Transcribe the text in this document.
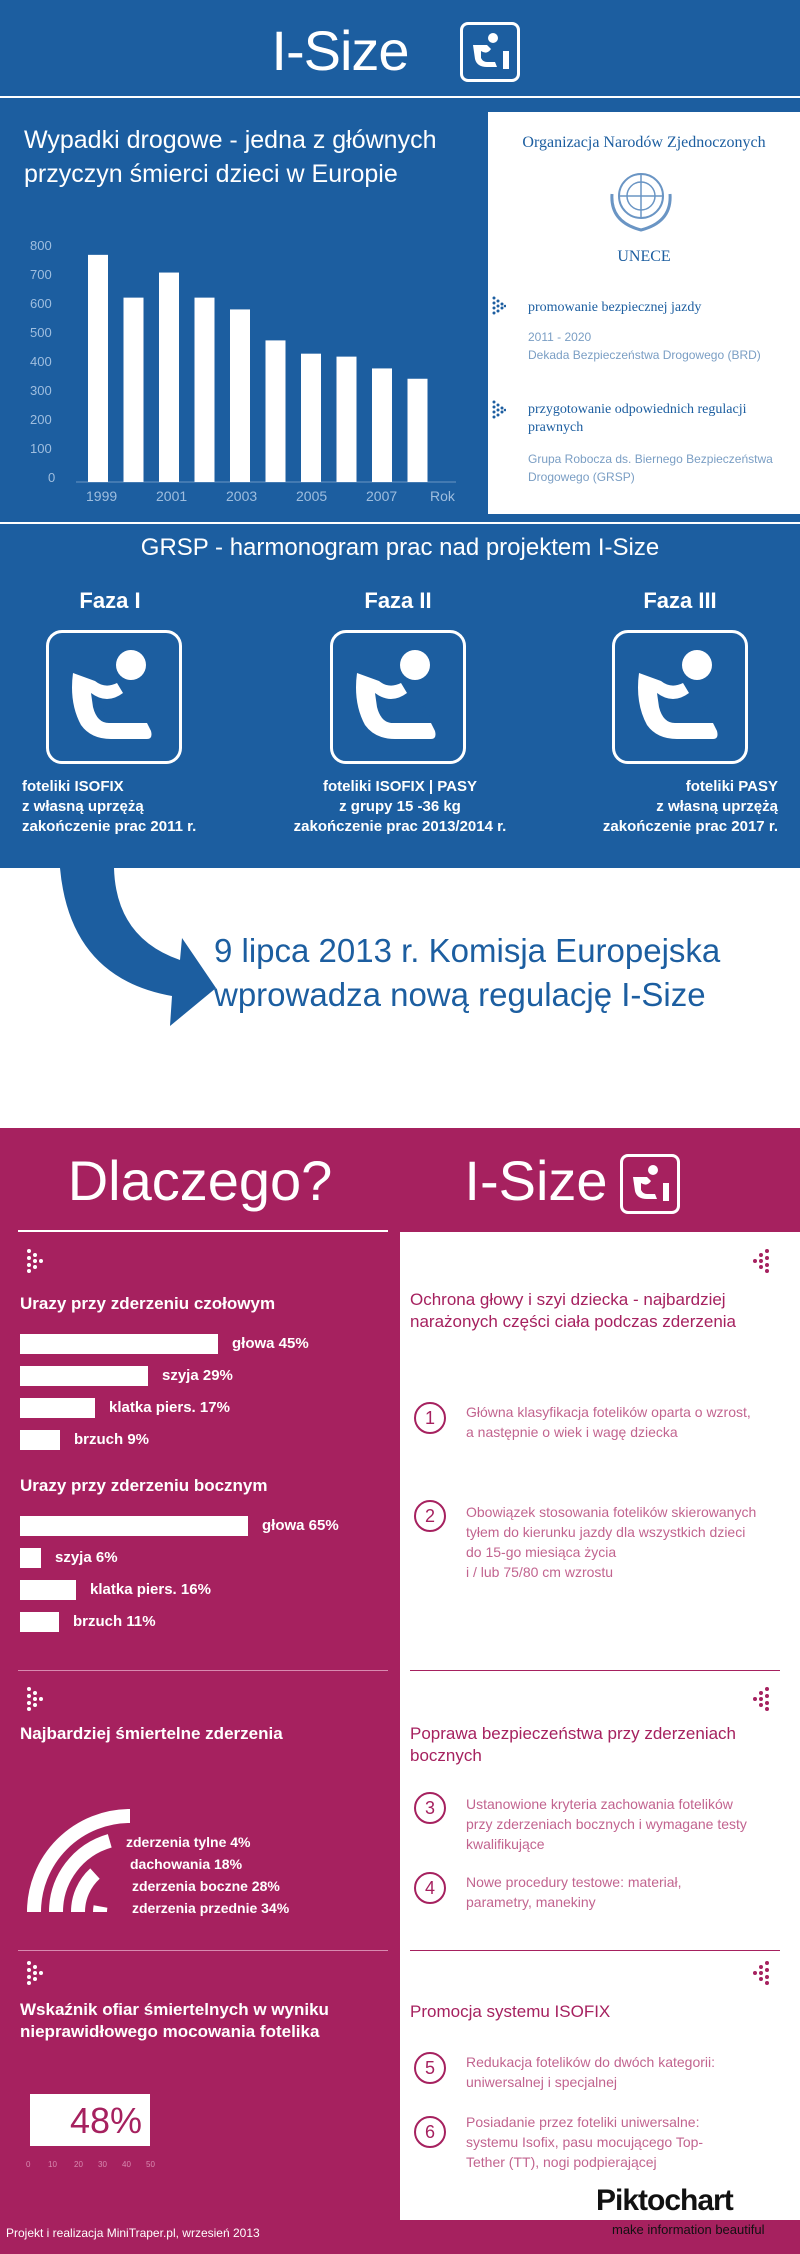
I-Size
Wypadki drogowe - jedna z głównych
przyczyn śmierci dzieci w Europie
800
700
600
500
400
300
200
100
0
1999	2001	2003	2005	2007 Rok
Organizacja Narodów Zjednoczonych
UNECE
promowanie bezpiecznej jazdy
2011 - 2020
Dekada Bezpieczeństwa Drogowego (BRD)
przygotowanie odpowiednich regulacji
prawnych
Grupa Robocza ds. Biernego Bezpieczeństwa
Drogowego (GRSP)
GRSP - harmonogram prac nad projektem I-Size
Faza I	Faza II	Faza III
foteliki ISOFIX
z własną uprzężą
zakończenie prac 2011 r.
foteliki ISOFIX | PASY
z grupy 15 -36 kg
zakończenie prac 2013/2014 r.
foteliki PASY
z własną uprzężą
zakończenie prac 2017 r.
9 lipca 2013 r. Komisja Europejska
wprowadza nową regulację I-Size
Dlaczego?	I-Size
Urazy przy zderzeniu czołowym
głowa 45%
szyja 29%
klatka piers. 17%
brzuch 9%
Urazy przy zderzeniu bocznym
głowa 65%
szyja 6%
klatka piers. 16%
brzuch 11%
Najbardziej śmiertelne zderzenia
zderzenia tylne 4%
dachowania 18%
zderzenia boczne 28%
zderzenia przednie 34%
Wskaźnik ofiar śmiertelnych w wyniku
nieprawidłowego mocowania fotelika
48%
0 10 20 30 40 50
Ochrona głowy i szyi dziecka - najbardziej
narażonych części ciała podczas zderzenia
1	Główna klasyfikacja fotelików oparta o wzrost,
a następnie o wiek i wagę dziecka
2	Obowiązek stosowania fotelików skierowanych
tyłem do kierunku jazdy dla wszystkich dzieci
do 15-go miesiąca życia
i / lub 75/80 cm wzrostu
Poprawa bezpieczeństwa przy zderzeniach
bocznych
3	Ustanowione kryteria zachowania fotelików
przy zderzeniach bocznych i wymagane testy
kwalifikujące
4	Nowe procedury testowe: materiał,
parametry, manekiny
Promocja systemu ISOFIX
5	Redukacja fotelików do dwóch kategorii:
uniwersalnej i specjalnej
6	Posiadanie przez foteliki uniwersalne:
systemu Isofix, pasu mocującego Top-
Tether (TT), nogi podpierającej
Projekt i realizacja MiniTraper.pl, wrzesień 2013
Piktochart
make information beautiful
